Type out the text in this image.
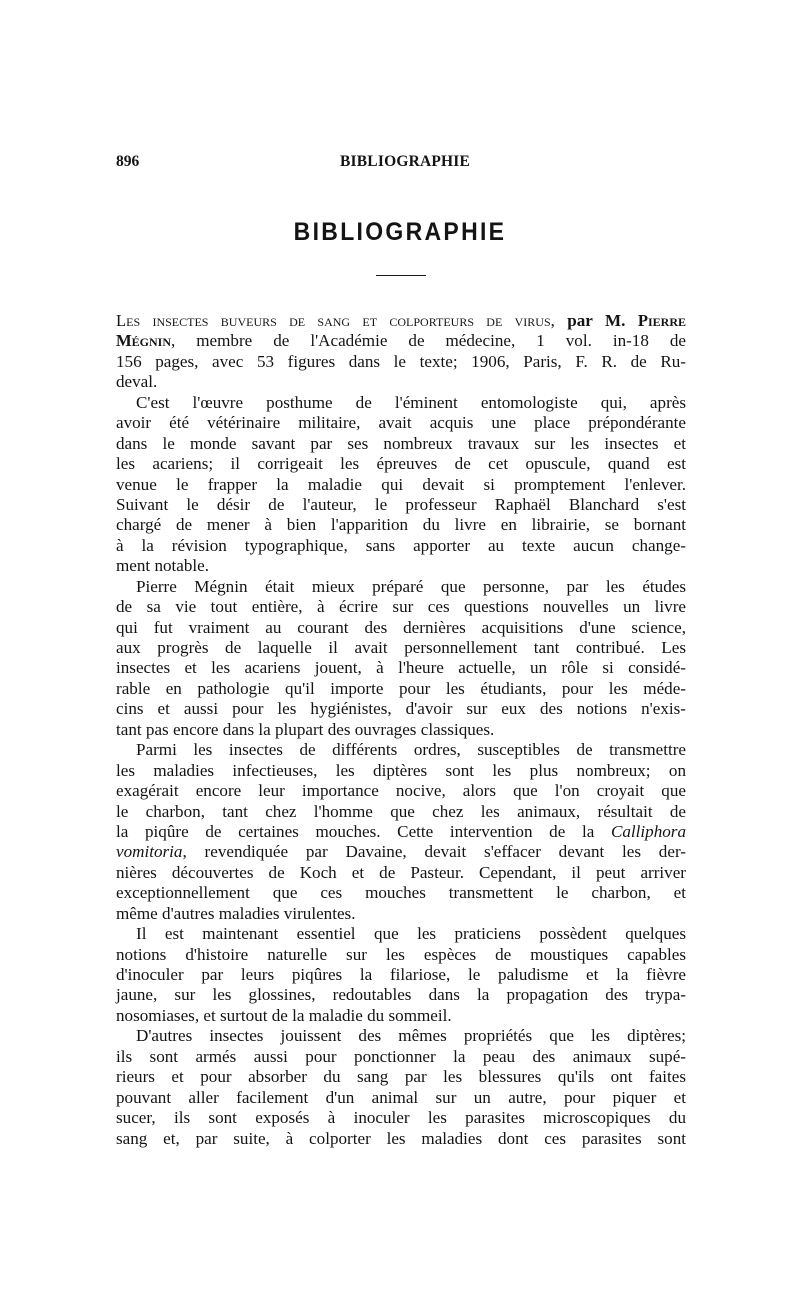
896	BIBLIOGRAPHIE
BIBLIOGRAPHIE
Les insectes buveurs de sang et colporteurs de virus, par M. Pierre
Mégnin, membre de l'Académie de médecine, 1 vol. in-18 de
156 pages, avec 53 figures dans le texte; 1906, Paris, F. R. de Ru-
deval.
C'est l'œuvre posthume de l'éminent entomologiste qui, après
avoir été vétérinaire militaire, avait acquis une place prépondérante
dans le monde savant par ses nombreux travaux sur les insectes et
les acariens; il corrigeait les épreuves de cet opuscule, quand est
venue le frapper la maladie qui devait si promptement l'enlever.
Suivant le désir de l'auteur, le professeur Raphaël Blanchard s'est
chargé de mener à bien l'apparition du livre en librairie, se bornant
à la révision typographique, sans apporter au texte aucun change-
ment notable.
Pierre Mégnin était mieux préparé que personne, par les études
de sa vie tout entière, à écrire sur ces questions nouvelles un livre
qui fut vraiment au courant des dernières acquisitions d'une science,
aux progrès de laquelle il avait personnellement tant contribué. Les
insectes et les acariens jouent, à l'heure actuelle, un rôle si considé-
rable en pathologie qu'il importe pour les étudiants, pour les méde-
cins et aussi pour les hygiénistes, d'avoir sur eux des notions n'exis-
tant pas encore dans la plupart des ouvrages classiques.
Parmi les insectes de différents ordres, susceptibles de transmettre
les maladies infectieuses, les diptères sont les plus nombreux; on
exagérait encore leur importance nocive, alors que l'on croyait que
le charbon, tant chez l'homme que chez les animaux, résultait de
la piqûre de certaines mouches. Cette intervention de la Calliphora
vomitoria, revendiquée par Davaine, devait s'effacer devant les der-
nières découvertes de Koch et de Pasteur. Cependant, il peut arriver
exceptionnellement que ces mouches transmettent le charbon, et
même d'autres maladies virulentes.
Il est maintenant essentiel que les praticiens possèdent quelques
notions d'histoire naturelle sur les espèces de moustiques capables
d'inoculer par leurs piqûres la filariose, le paludisme et la fièvre
jaune, sur les glossines, redoutables dans la propagation des trypa-
nosomiases, et surtout de la maladie du sommeil.
D'autres insectes jouissent des mêmes propriétés que les diptères;
ils sont armés aussi pour ponctionner la peau des animaux supé-
rieurs et pour absorber du sang par les blessures qu'ils ont faites
pouvant aller facilement d'un animal sur un autre, pour piquer et
sucer, ils sont exposés à inoculer les parasites microscopiques du
sang et, par suite, à colporter les maladies dont ces parasites sont
